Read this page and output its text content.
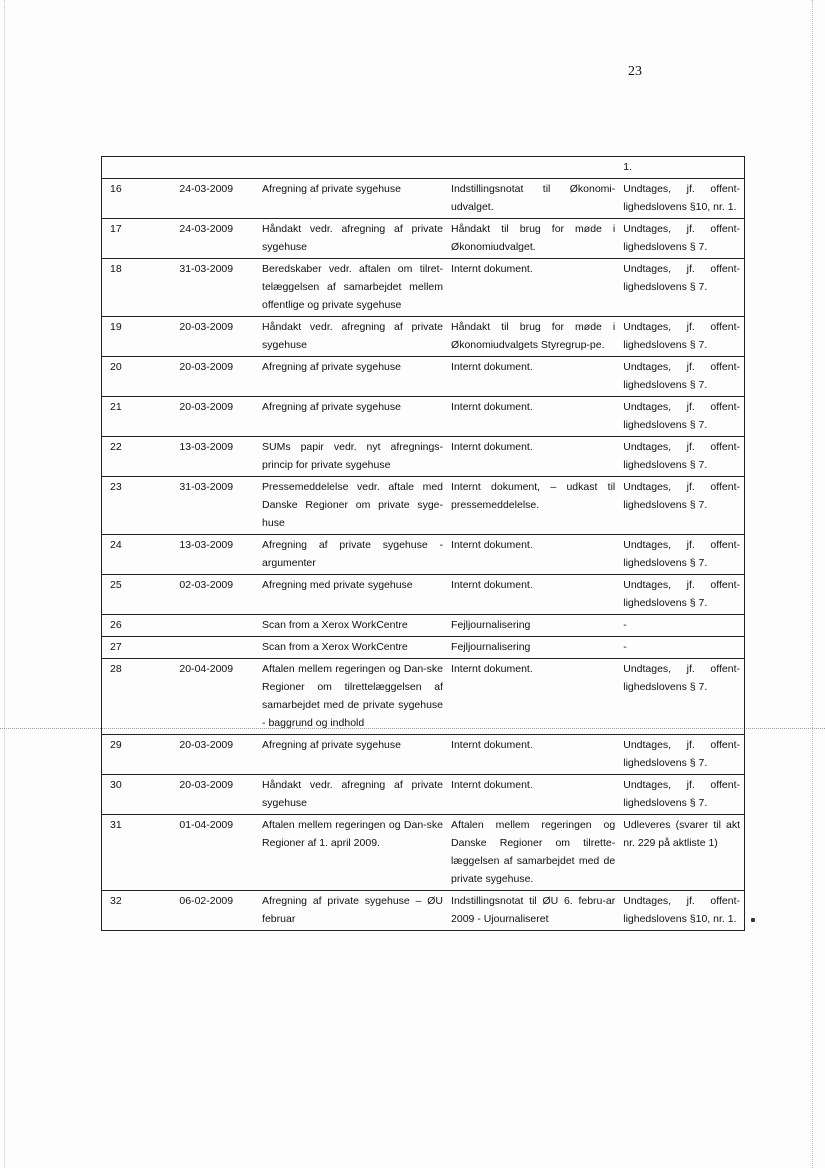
23
				1.
16	24-03-2009	Afregning af private sygehuse	Indstillingsnotat til Økonomi-udvalget.	Undtages, jf. offent-lighedslovens §10, nr. 1.
17	24-03-2009	Håndakt vedr. afregning af private sygehuse	Håndakt til brug for møde i Økonomiudvalget.	Undtages, jf. offent-lighedslovens § 7.
18	31-03-2009	Beredskaber vedr. aftalen om tilret-telæggelsen af samarbejdet mellem offentlige og private sygehuse	Internt dokument.	Undtages, jf. offent-lighedslovens § 7.
19	20-03-2009	Håndakt vedr. afregning af private sygehuse	Håndakt til brug for møde i Økonomiudvalgets Styregrup-pe.	Undtages, jf. offent-lighedslovens § 7.
20	20-03-2009	Afregning af private sygehuse	Internt dokument.	Undtages, jf. offent-lighedslovens § 7.
21	20-03-2009	Afregning af private sygehuse	Internt dokument.	Undtages, jf. offent-lighedslovens § 7.
22	13-03-2009	SUMs papir vedr. nyt afregnings-princip for private sygehuse	Internt dokument.	Undtages, jf. offent-lighedslovens § 7.
23	31-03-2009	Pressemeddelelse vedr. aftale med Danske Regioner om private syge-huse	Internt dokument, – udkast til pressemeddelelse.	Undtages, jf. offent-lighedslovens § 7.
24	13-03-2009	Afregning af private sygehuse - argumenter	Internt dokument.	Undtages, jf. offent-lighedslovens § 7.
25	02-03-2009	Afregning med private sygehuse	Internt dokument.	Undtages, jf. offent-lighedslovens § 7.
26		Scan from a Xerox WorkCentre	Fejljournalisering	-
27		Scan from a Xerox WorkCentre	Fejljournalisering	-
28	20-04-2009	Aftalen mellem regeringen og Dan-ske Regioner om tilrettelæggelsen af samarbejdet med de private sygehuse - baggrund og indhold	Internt dokument.	Undtages, jf. offent-lighedslovens § 7.
29	20-03-2009	Afregning af private sygehuse	Internt dokument.	Undtages, jf. offent-lighedslovens § 7.
30	20-03-2009	Håndakt vedr. afregning af private sygehuse	Internt dokument.	Undtages, jf. offent-lighedslovens § 7.
31	01-04-2009	Aftalen mellem regeringen og Dan-ske Regioner af 1. april 2009.	Aftalen mellem regeringen og Danske Regioner om tilrette-læggelsen af samarbejdet med de private sygehuse.	Udleveres (svarer til akt nr. 229 på aktliste 1)
32	06-02-2009	Afregning af private sygehuse – ØU februar	Indstillingsnotat til ØU 6. febru-ar 2009 - Ujournaliseret	Undtages, jf. offent-lighedslovens §10, nr. 1.
